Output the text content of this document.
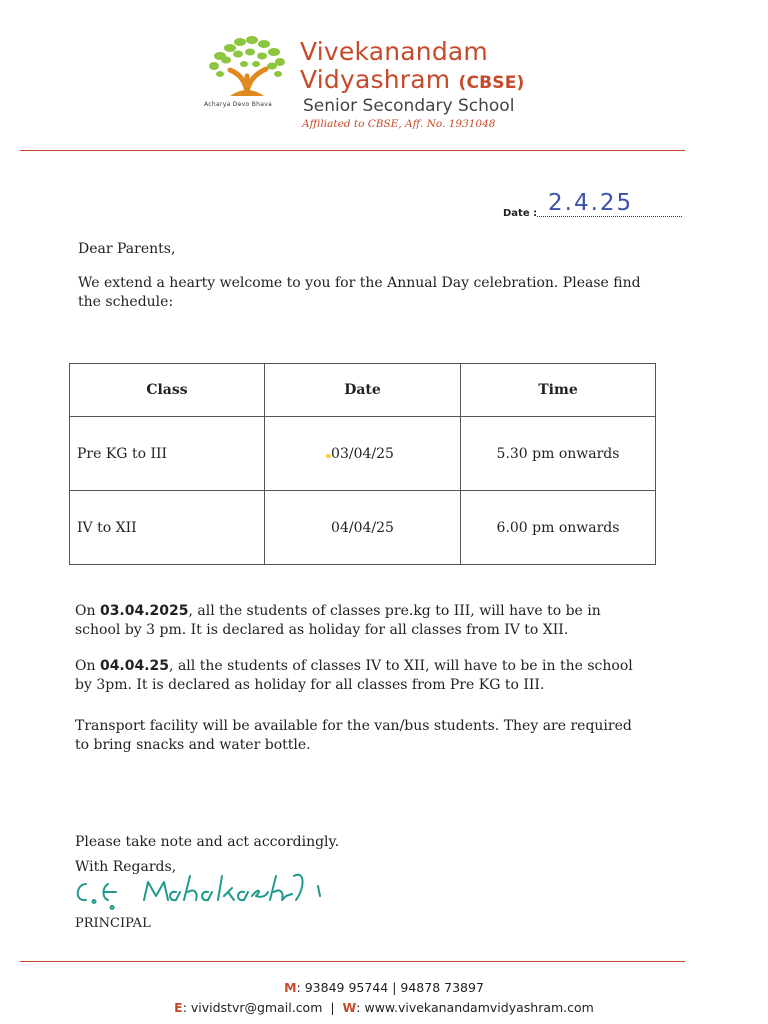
Acharya Devo Bhava
Vivekanandam
Vidyashram (CBSE)
Senior Secondary School
Affiliated to CBSE, Aff. No. 1931048
Date : 2.4.25
Dear Parents,
We extend a hearty welcome to you for the Annual Day celebration. Please find the schedule:
Class	Date	Time
Pre KG to III	03/04/25	5.30 pm onwards
IV to XII	04/04/25	6.00 pm onwards
On 03.04.2025, all the students of classes pre.kg to III, will have to be in school by 3 pm. It is declared as holiday for all classes from IV to XII.
On 04.04.25, all the students of classes IV to XII, will have to be in the school by 3pm. It is declared as holiday for all classes from Pre KG to III.
Transport facility will be available for the van/bus students. They are required to bring snacks and water bottle.
Please take note and act accordingly.
With Regards,
PRINCIPAL
M: 93849 95744 | 94878 73897
E: vividstvr@gmail.com  |  W: www.vivekanandamvidyashram.com
